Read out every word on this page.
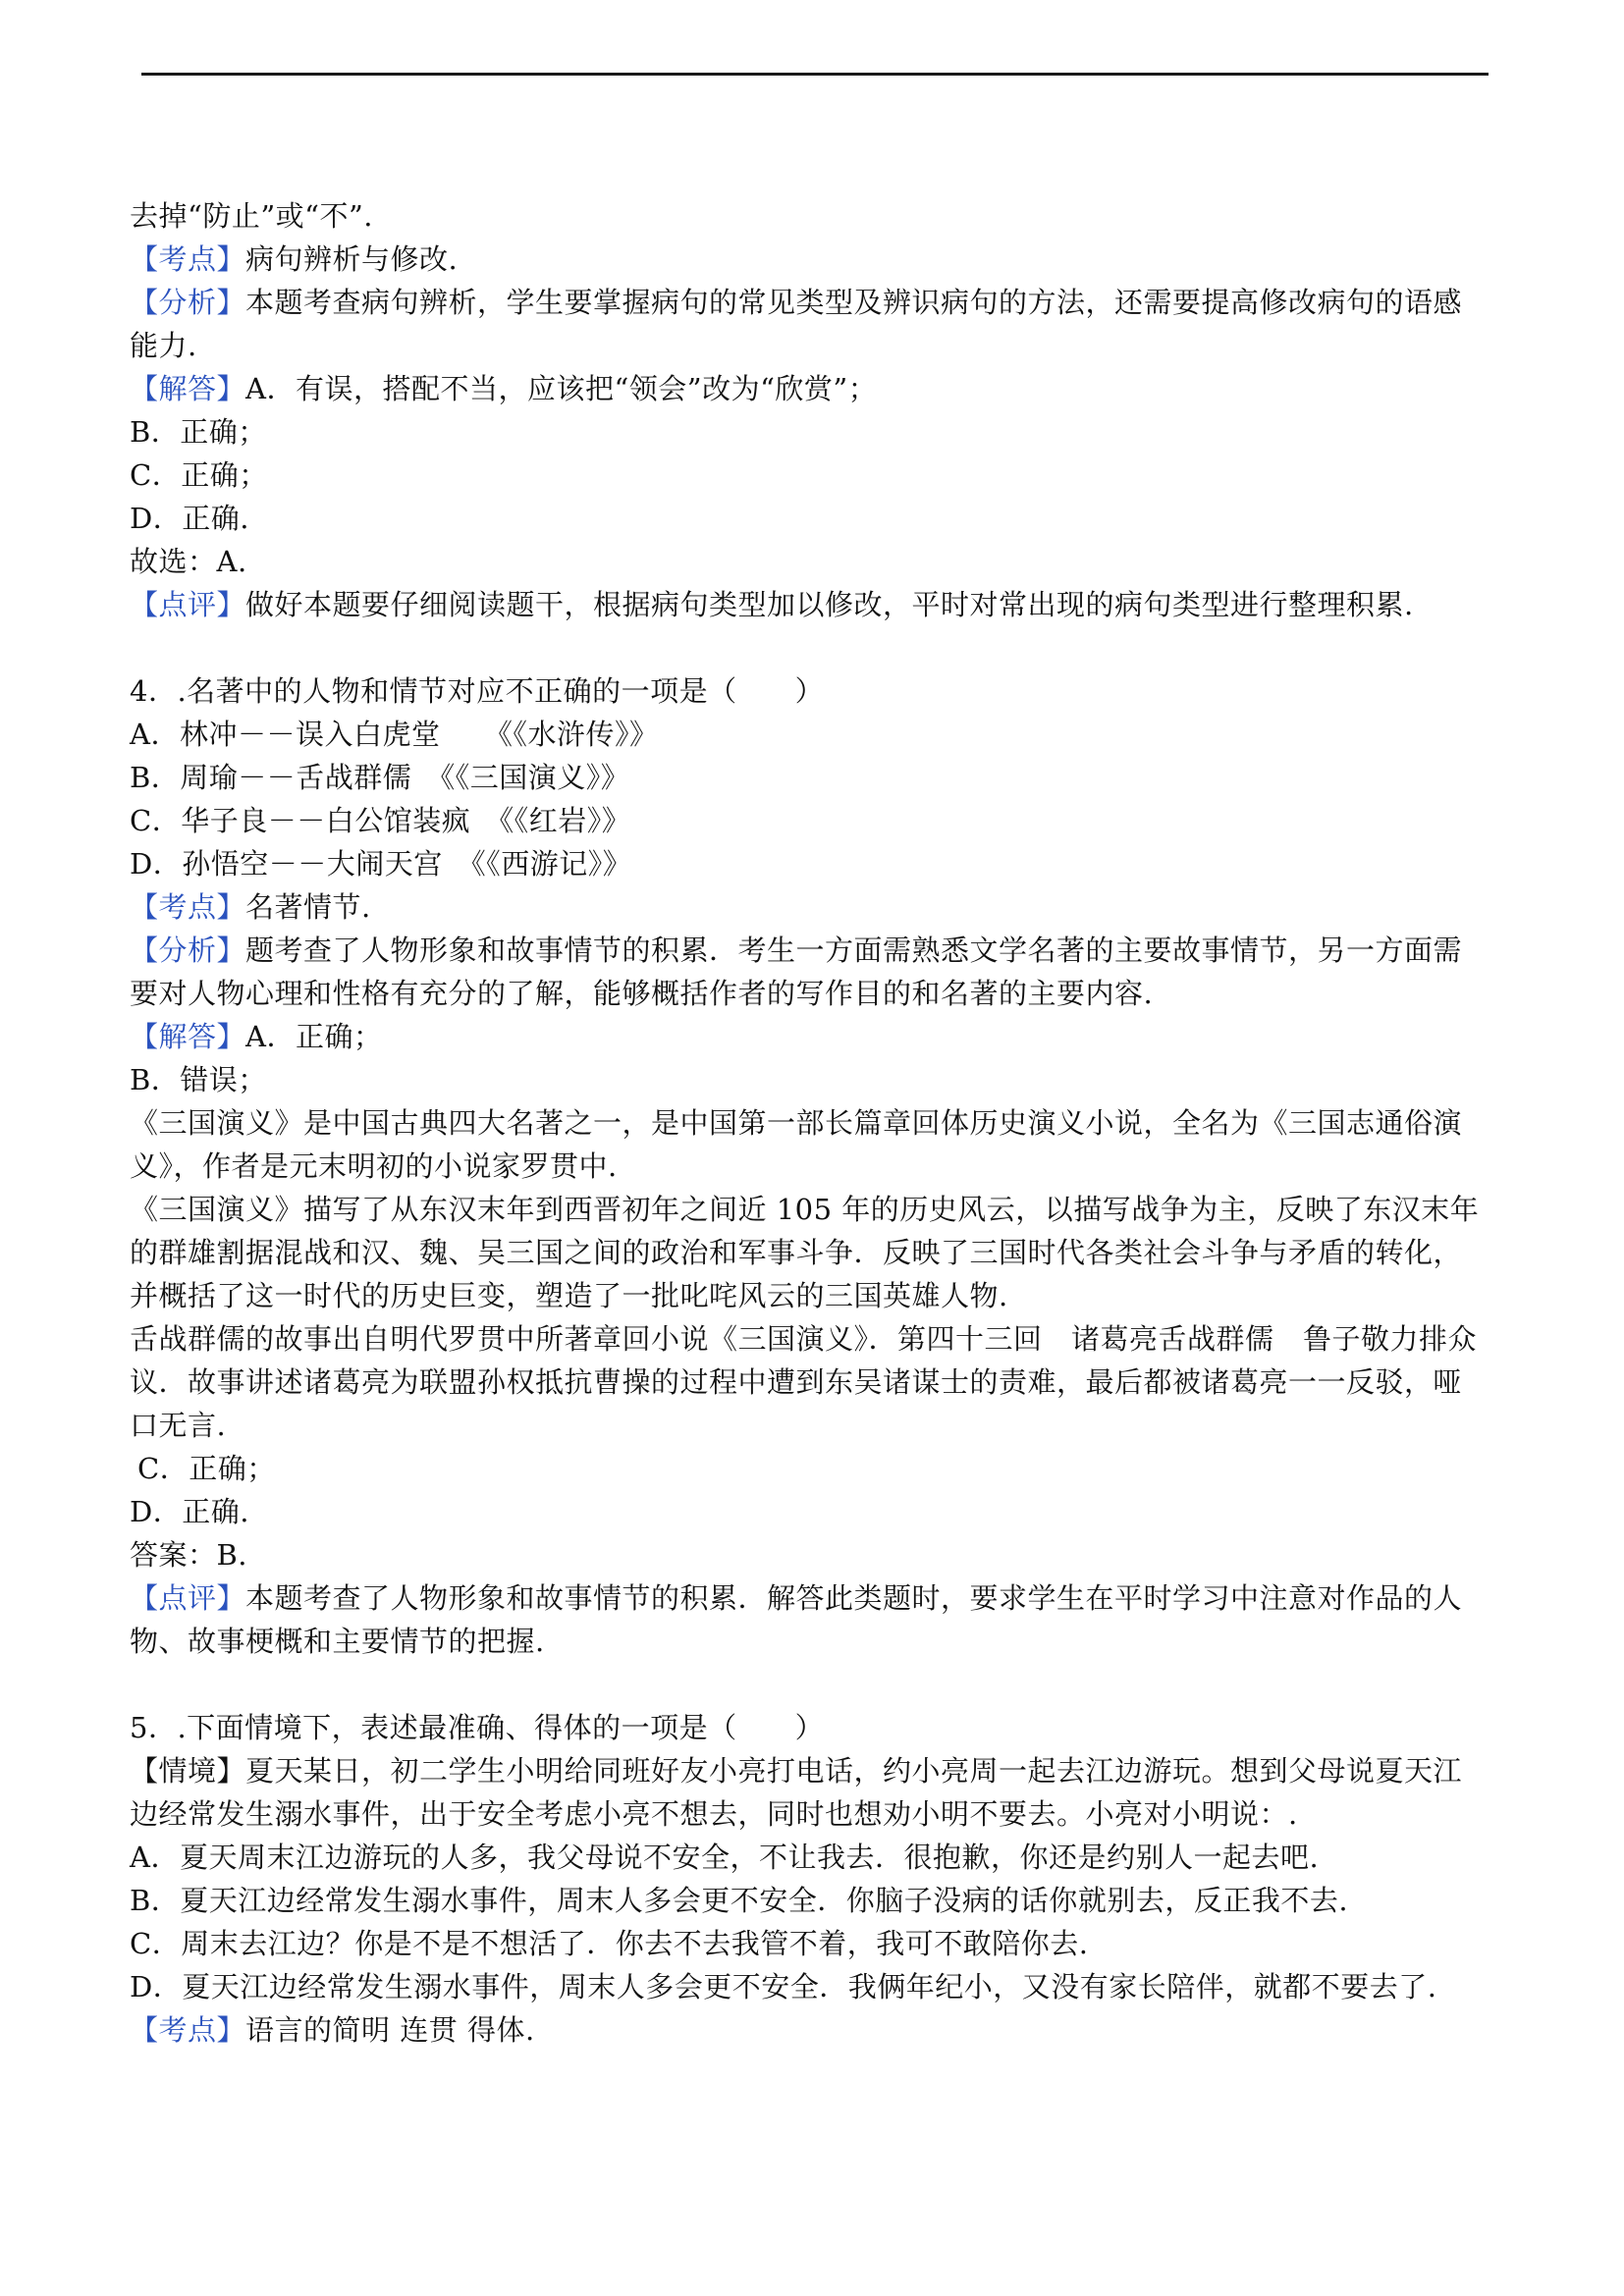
去掉“防止”或“不”.

【考点】病句辨析与修改.

【分析】本题考查病句辨析，学生要掌握病句的常见类型及辨识病句的方法，还需要提高修改病句的语感

能力.

【解答】A．有误，搭配不当，应该把“领会”改为“欣赏”；

B．正确；

C．正确；

D．正确.

故选：A.

【点评】做好本题要仔细阅读题干，根据病句类型加以修改，平时对常出现的病句类型进行整理积累.

4．.名著中的人物和情节对应不正确的一项是（　　）

A．林冲－－误入白虎堂　　《《水浒传》》

B．周瑜－－舌战群儒　《《三国演义》》

C．华子良－－白公馆装疯　《《红岩》》

D．孙悟空－－大闹天宫　《《西游记》》

【考点】名著情节.

【分析】题考查了人物形象和故事情节的积累．考生一方面需熟悉文学名著的主要故事情节，另一方面需

要对人物心理和性格有充分的了解，能够概括作者的写作目的和名著的主要内容.

【解答】A．正确；

B．错误；

《三国演义》是中国古典四大名著之一，是中国第一部长篇章回体历史演义小说，全名为《三国志通俗演

义》，作者是元末明初的小说家罗贯中.

《三国演义》描写了从东汉末年到西晋初年之间近 105 年的历史风云，以描写战争为主，反映了东汉末年

的群雄割据混战和汉、魏、吴三国之间的政治和军事斗争．反映了三国时代各类社会斗争与矛盾的转化，

并概括了这一时代的历史巨变，塑造了一批叱咤风云的三国英雄人物.

舌战群儒的故事出自明代罗贯中所著章回小说《三国演义》．第四十三回　诸葛亮舌战群儒　鲁子敬力排众

议．故事讲述诸葛亮为联盟孙权抵抗曹操的过程中遭到东吴诸谋士的责难，最后都被诸葛亮一一反驳，哑

口无言.

C．正确；

D．正确.

答案：B.

【点评】本题考查了人物形象和故事情节的积累．解答此类题时，要求学生在平时学习中注意对作品的人

物、故事梗概和主要情节的把握.

5．.下面情境下，表述最准确、得体的一项是（　　）

【情境】夏天某日，初二学生小明给同班好友小亮打电话，约小亮周一起去江边游玩。想到父母说夏天江

边经常发生溺水事件，出于安全考虑小亮不想去，同时也想劝小明不要去。小亮对小明说：.

A．夏天周末江边游玩的人多，我父母说不安全，不让我去．很抱歉，你还是约别人一起去吧.

B．夏天江边经常发生溺水事件，周末人多会更不安全．你脑子没病的话你就别去，反正我不去.

C．周末去江边？你是不是不想活了．你去不去我管不着，我可不敢陪你去.

D．夏天江边经常发生溺水事件，周末人多会更不安全．我俩年纪小，又没有家长陪伴，就都不要去了.

【考点】语言的简明 连贯 得体.
